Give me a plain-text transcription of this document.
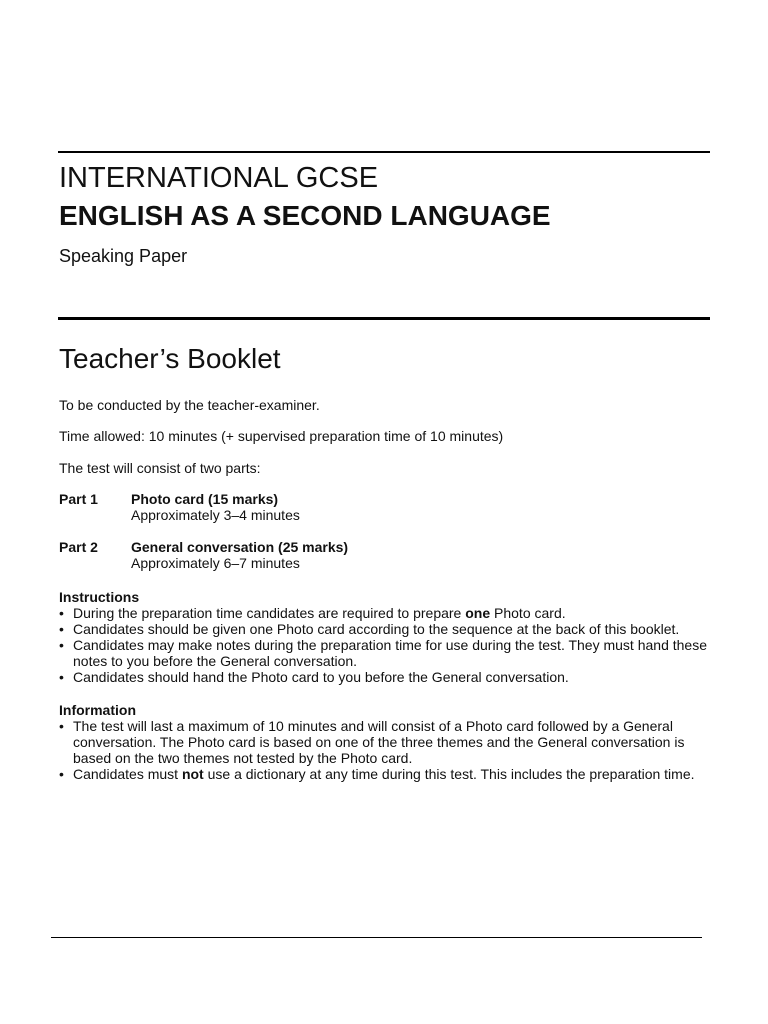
INTERNATIONAL GCSE
ENGLISH AS A SECOND LANGUAGE
Speaking Paper
Teacher’s Booklet

To be conducted by the teacher-examiner.

Time allowed: 10 minutes (+ supervised preparation time of 10 minutes)

The test will consist of two parts:

Part 1 Photo card (15 marks)
Approximately 3–4 minutes
Part 2 General conversation (25 marks)
Approximately 6–7 minutes

Instructions

• During the preparation time candidates are required to prepare one Photo card.
• Candidates should be given one Photo card according to the sequence at the back of this booklet.
• Candidates may make notes during the preparation time for use during the test. They must hand these notes to you before the General conversation.
• Candidates should hand the Photo card to you before the General conversation.

Information

• The test will last a maximum of 10 minutes and will consist of a Photo card followed by a General conversation. The Photo card is based on one of the three themes and the General conversation is based on the two themes not tested by the Photo card.
• Candidates must not use a dictionary at any time during this test. This includes the preparation time.
